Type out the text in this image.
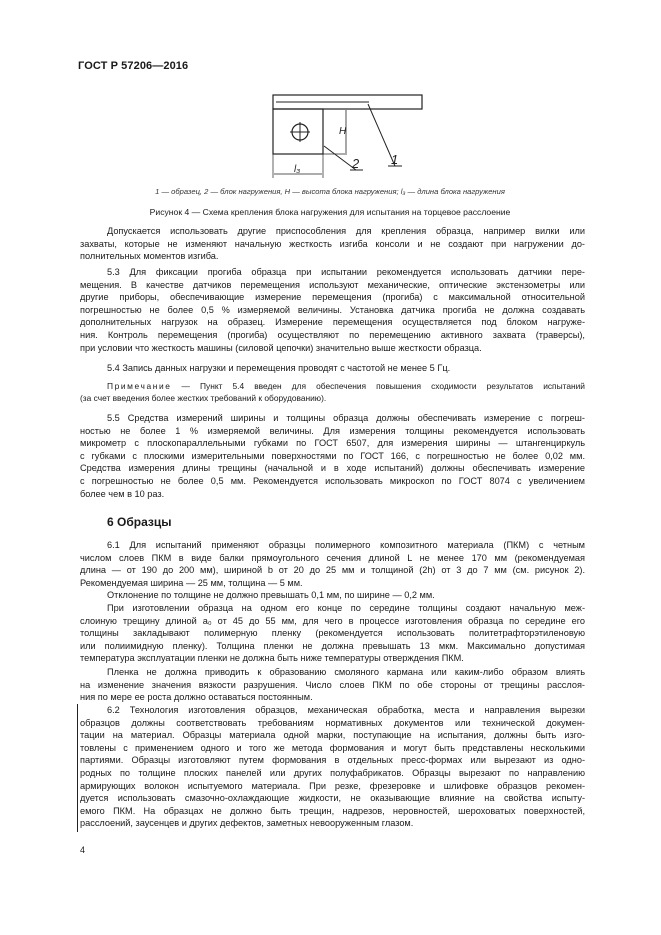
ГОСТ Р 57206—2016
H
l₃
1
2
1 — образец, 2 — блок нагружения, H — высота блока нагружения; l₃ — длина блока нагружения
Рисунок 4 — Схема крепления блока нагружения для испытания на торцевое расслоение
Допускается использовать другие приспособления для крепления образца, например вилки или
захваты, которые не изменяют начальную жесткость изгиба консоли и не создают при нагружении до-
полнительных моментов изгиба.
5.3 Для фиксации прогиба образца при испытании рекомендуется использовать датчики пере-
мещения. В качестве датчиков перемещения используют механические, оптические экстензометры или
другие приборы, обеспечивающие измерение перемещения (прогиба) с максимальной относительной
погрешностью не более 0,5 % измеряемой величины. Установка датчика прогиба не должна создавать
дополнительных нагрузок на образец. Измерение перемещения осуществляется под блоком нагруже-
ния. Контроль перемещения (прогиба) осуществляют по перемещению активного захвата (траверсы),
при условии что жесткость машины (силовой цепочки) значительно выше жесткости образца.
5.4 Запись данных нагрузки и перемещения проводят с частотой не менее 5 Гц.
Примечание — Пункт 5.4 введен для обеспечения повышения сходимости результатов испытаний
(за счет введения более жестких требований к оборудованию).
5.5 Средства измерений ширины и толщины образца должны обеспечивать измерение с погреш-
ностью не более 1 % измеряемой величины. Для измерения толщины рекомендуется использовать
микрометр с плоскопараллельными губками по ГОСТ 6507, для измерения ширины — штангенциркуль
с губками с плоскими измерительными поверхностями по ГОСТ 166, с погрешностью не более 0,02 мм.
Средства измерения длины трещины (начальной и в ходе испытаний) должны обеспечивать измерение
с погрешностью не более 0,5 мм. Рекомендуется использовать микроскоп по ГОСТ 8074 с увеличением
более чем в 10 раз.
6 Образцы
6.1 Для испытаний применяют образцы полимерного композитного материала (ПКМ) с четным
числом слоев ПКМ в виде балки прямоугольного сечения длиной L не менее 170 мм (рекомендуемая
длина — от 190 до 200 мм), шириной b от 20 до 25 мм и толщиной (2h) от 3 до 7 мм (см. рисунок 2).
Рекомендуемая ширина — 25 мм, толщина — 5 мм.
Отклонение по толщине не должно превышать 0,1 мм, по ширине — 0,2 мм.
При изготовлении образца на одном его конце по середине толщины создают начальную меж-
слоиную трещину длиной a₀ от 45 до 55 мм, для чего в процессе изготовления образца по середине его
толщины закладывают полимерную пленку (рекомендуется использовать политетрафторэтиленовую
или полиимидную пленку). Толщина пленки не должна превышать 13 мкм. Максимально допустимая
температура эксплуатации пленки не должна быть ниже температуры отверждения ПКМ.
Пленка не должна приводить к образованию смоляного кармана или каким-либо образом влиять
на изменение значения вязкости разрушения. Число слоев ПКМ по обе стороны от трещины расслоя-
ния по мере ее роста должно оставаться постоянным.
6.2 Технология изготовления образцов, механическая обработка, места и направления вырезки
образцов должны соответствовать требованиям нормативных документов или технической докумен-
тации на материал. Образцы материала одной марки, поступающие на испытания, должны быть изго-
товлены с применением одного и того же метода формования и могут быть представлены несколькими
партиями. Образцы изготовляют путем формования в отдельных пресс-формах или вырезают из одно-
родных по толщине плоских панелей или других полуфабрикатов. Образцы вырезают по направлению
армирующих волокон испытуемого материала. При резке, фрезеровке и шлифовке образцов рекомен-
дуется использовать смазочно-охлаждающие жидкости, не оказывающие влияние на свойства испыту-
емого ПКМ. На образцах не должно быть трещин, надрезов, неровностей, шероховатых поверхностей,
расслоений, заусенцев и других дефектов, заметных невооруженным глазом.
4
